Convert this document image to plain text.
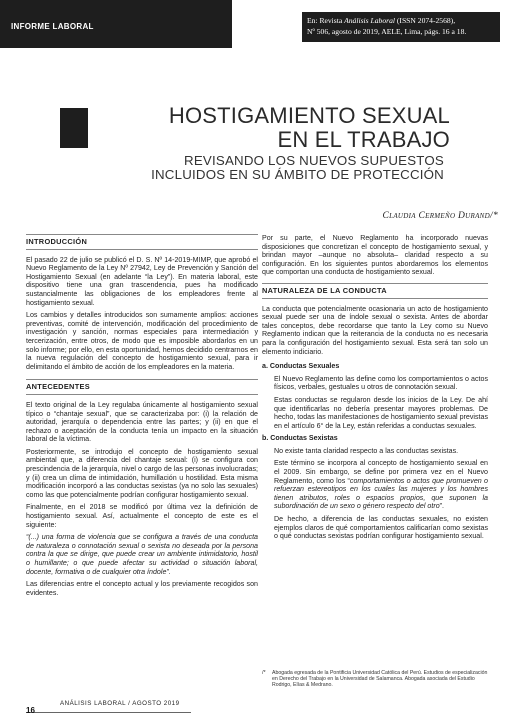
INFORME LABORAL
En: Revista Análisis Laboral (ISSN 2074-2568),
Nº 506, agosto de 2019, AELE, Lima, págs. 16 a 18.
HOSTIGAMIENTO SEXUAL
EN EL TRABAJO
REVISANDO LOS NUEVOS SUPUESTOS
INCLUIDOS EN SU ÁMBITO DE PROTECCIÓN
Claudia Cermeño Durand/*
INTRODUCCIÓN

El pasado 22 de julio se publicó el D. S. Nº 14-2019-MIMP, que aprobó el Nuevo Reglamento de la Ley Nº 27942, Ley de Prevención y Sanción del Hostigamiento Sexual (en adelante “la Ley”). En materia laboral, este dispositivo tiene una gran trascendencia, pues ha modificado sustancialmente las obligaciones de los empleadores frente al hostigamiento sexual.

Los cambios y detalles introducidos son sumamente amplios: acciones preventivas, comité de intervención, modificación del procedimiento de investigación y sanción, normas especiales para intermediación y tercerización, entre otros, de modo que es imposible abordarlos en un solo informe; por ello, en esta oportunidad, hemos decidido centrarnos en la nueva regulación del concepto de hostigamiento sexual, para ir delimitando el ámbito de acción de los empleadores en la materia.

ANTECEDENTES

El texto original de la Ley regulaba únicamente al hostigamiento sexual típico o “chantaje sexual”, que se caracterizaba por: (i) la relación de autoridad, jerarquía o dependencia entre las partes; y (ii) en que el rechazo o aceptación de la conducta tenía un impacto en la situación laboral de la víctima.

Posteriormente, se introdujo el concepto de hostigamiento sexual ambiental que, a diferencia del chantaje sexual: (i) se configura con prescindencia de la jerarquía, nivel o cargo de las personas involucradas; y (ii) crea un clima de intimidación, humillación u hostilidad. Esta misma modificación incorporó a las conductas sexistas (ya no solo las sexuales) como las que potencialmente podrían configurar hostigamiento sexual.

Finalmente, en el 2018 se modificó por última vez la definición de hostigamiento sexual. Así, actualmente el concepto de este es el siguiente:

“(...) una forma de violencia que se configura a través de una conducta de naturaleza o connotación sexual o sexista no deseada por la persona contra la que se dirige, que puede crear un ambiente intimidatorio, hostil o humillante; o que puede afectar su actividad o situación laboral, docente, formativa o de cualquier otra índole”.

Las diferencias entre el concepto actual y los previamente recogidos son evidentes.

Por su parte, el Nuevo Reglamento ha incorporado nuevas disposiciones que concretizan el concepto de hostigamiento sexual, y brindan mayor –aunque no absoluta– claridad respecto a su configuración. En los siguientes puntos abordaremos los elementos que comportan una conducta de hostigamiento sexual.

NATURALEZA DE LA CONDUCTA

La conducta que potencialmente ocasionaria un acto de hostigamiento sexual puede ser una de índole sexual o sexista. Antes de abordar tales conceptos, debe recordarse que tanto la Ley como su Nuevo Reglamento indican que la reiterancia de la conducta no es necesaria para la configuración del hostigamiento sexual. Esta será tan solo un elemento indiciario.

a. Conductas Sexuales

El Nuevo Reglamento las define como los comportamientos o actos físicos, verbales, gestuales u otros de connotación sexual.

Estas conductas se regularon desde los inicios de la Ley. De ahí que identificarlas no debería presentar mayores problemas. De hecho, todas las manifestaciones de hostigamiento sexual previstas en el artículo 6° de la Ley, están referidas a conductas sexuales.

b. Conductas Sexistas

No existe tanta claridad respecto a las conductas sexistas.

Este término se incorpora al concepto de hostigamiento sexual en el 2009. Sin embargo, se define por primera vez en el Nuevo Reglamento, como los “comportamientos o actos que promueven o refuerzan estereotipos en los cuales las mujeres y los hombres tienen atributos, roles o espacios propios, que suponen la subordinación de un sexo o género respecto del otro”.

De hecho, a diferencia de las conductas sexuales, no existen ejemplos claros de qué comportamientos calificarían como sexistas o qué conductas sexistas podrían configurar hostigamiento sexual.

/* Abogada egresada de la Pontificia Universidad Católica del Perú. Estudios de especialización en Derecho del Trabajo en la Universidad de Salamanca. Abogada asociada del Estudio Rodrigo, Elías & Medrano.
ANÁLISIS LABORAL / AGOSTO 2019
16
